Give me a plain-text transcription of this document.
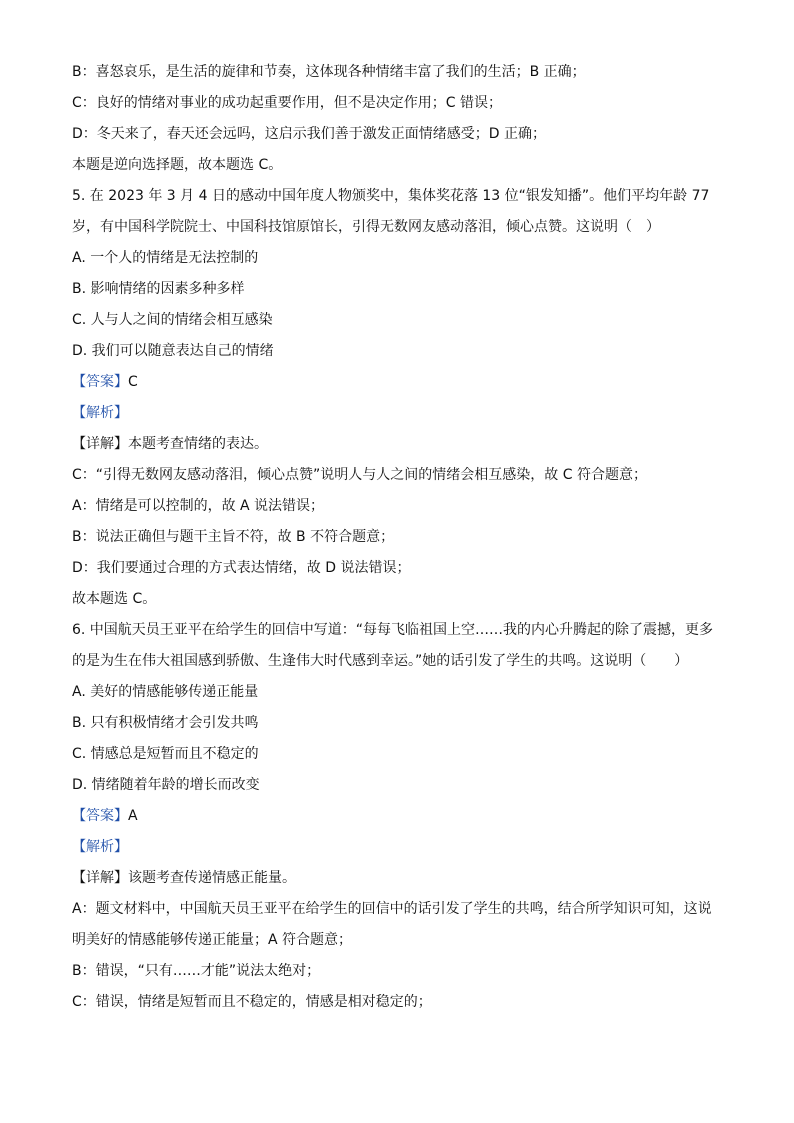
B：喜怒哀乐，是生活的旋律和节奏，这体现各种情绪丰富了我们的生活；B 正确；
C：良好的情绪对事业的成功起重要作用，但不是决定作用；C 错误；
D：冬天来了，春天还会远吗，这启示我们善于激发正面情绪感受；D 正确；
本题是逆向选择题，故本题选 C。
5. 在 2023 年 3 月 4 日的感动中国年度人物颁奖中，集体奖花落 13 位“银发知播”。他们平均年龄 77 岁，有中国科学院院士、中国科技馆原馆长，引得无数网友感动落泪，倾心点赞。这说明（　）
A. 一个人的情绪是无法控制的
B. 影响情绪的因素多种多样
C. 人与人之间的情绪会相互感染
D. 我们可以随意表达自己的情绪
【答案】C
【解析】
【详解】本题考查情绪的表达。
C：“引得无数网友感动落泪，倾心点赞”说明人与人之间的情绪会相互感染，故 C 符合题意；
A：情绪是可以控制的，故 A 说法错误；
B：说法正确但与题干主旨不符，故 B 不符合题意；
D：我们要通过合理的方式表达情绪，故 D 说法错误；
故本题选 C。
6. 中国航天员王亚平在给学生的回信中写道：“每每飞临祖国上空……我的内心升腾起的除了震撼，更多的是为生在伟大祖国感到骄傲、生逢伟大时代感到幸运。”她的话引发了学生的共鸣。这说明（　　）
A. 美好的情感能够传递正能量
B. 只有积极情绪才会引发共鸣
C. 情感总是短暂而且不稳定的
D. 情绪随着年龄的增长而改变
【答案】A
【解析】
【详解】该题考查传递情感正能量。
A：题文材料中，中国航天员王亚平在给学生的回信中的话引发了学生的共鸣，结合所学知识可知，这说明美好的情感能够传递正能量；A 符合题意；
B：错误，“只有……才能”说法太绝对；
C：错误，情绪是短暂而且不稳定的，情感是相对稳定的；
